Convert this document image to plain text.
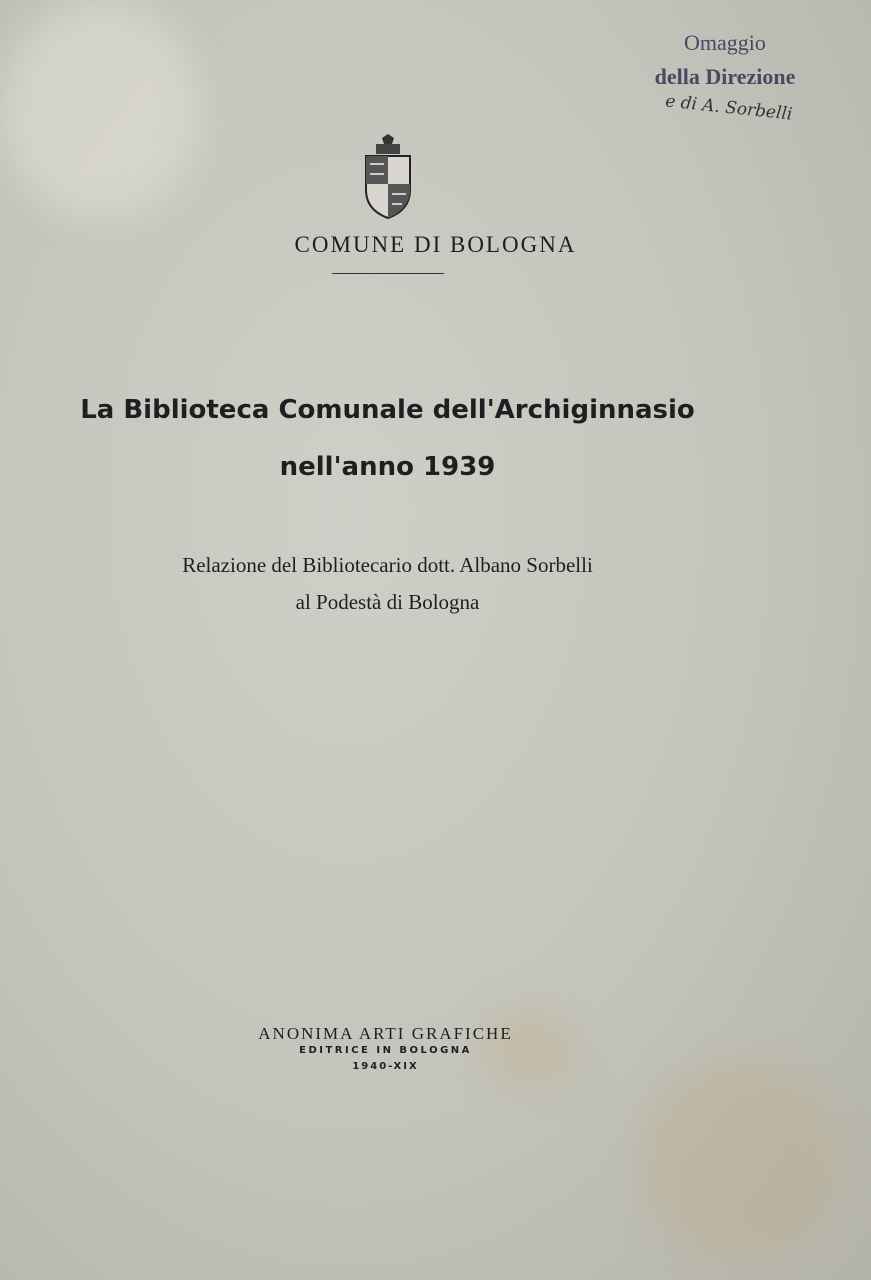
Omaggio
della Direzione
e di A. Sorbelli
COMUNE DI BOLOGNA
La Biblioteca Comunale dell'Archiginnasio
nell'anno 1939
Relazione del Bibliotecario dott. Albano Sorbelli
al Podestà di Bologna
ANONIMA ARTI GRAFICHE
EDITRICE IN BOLOGNA
1940-XIX
